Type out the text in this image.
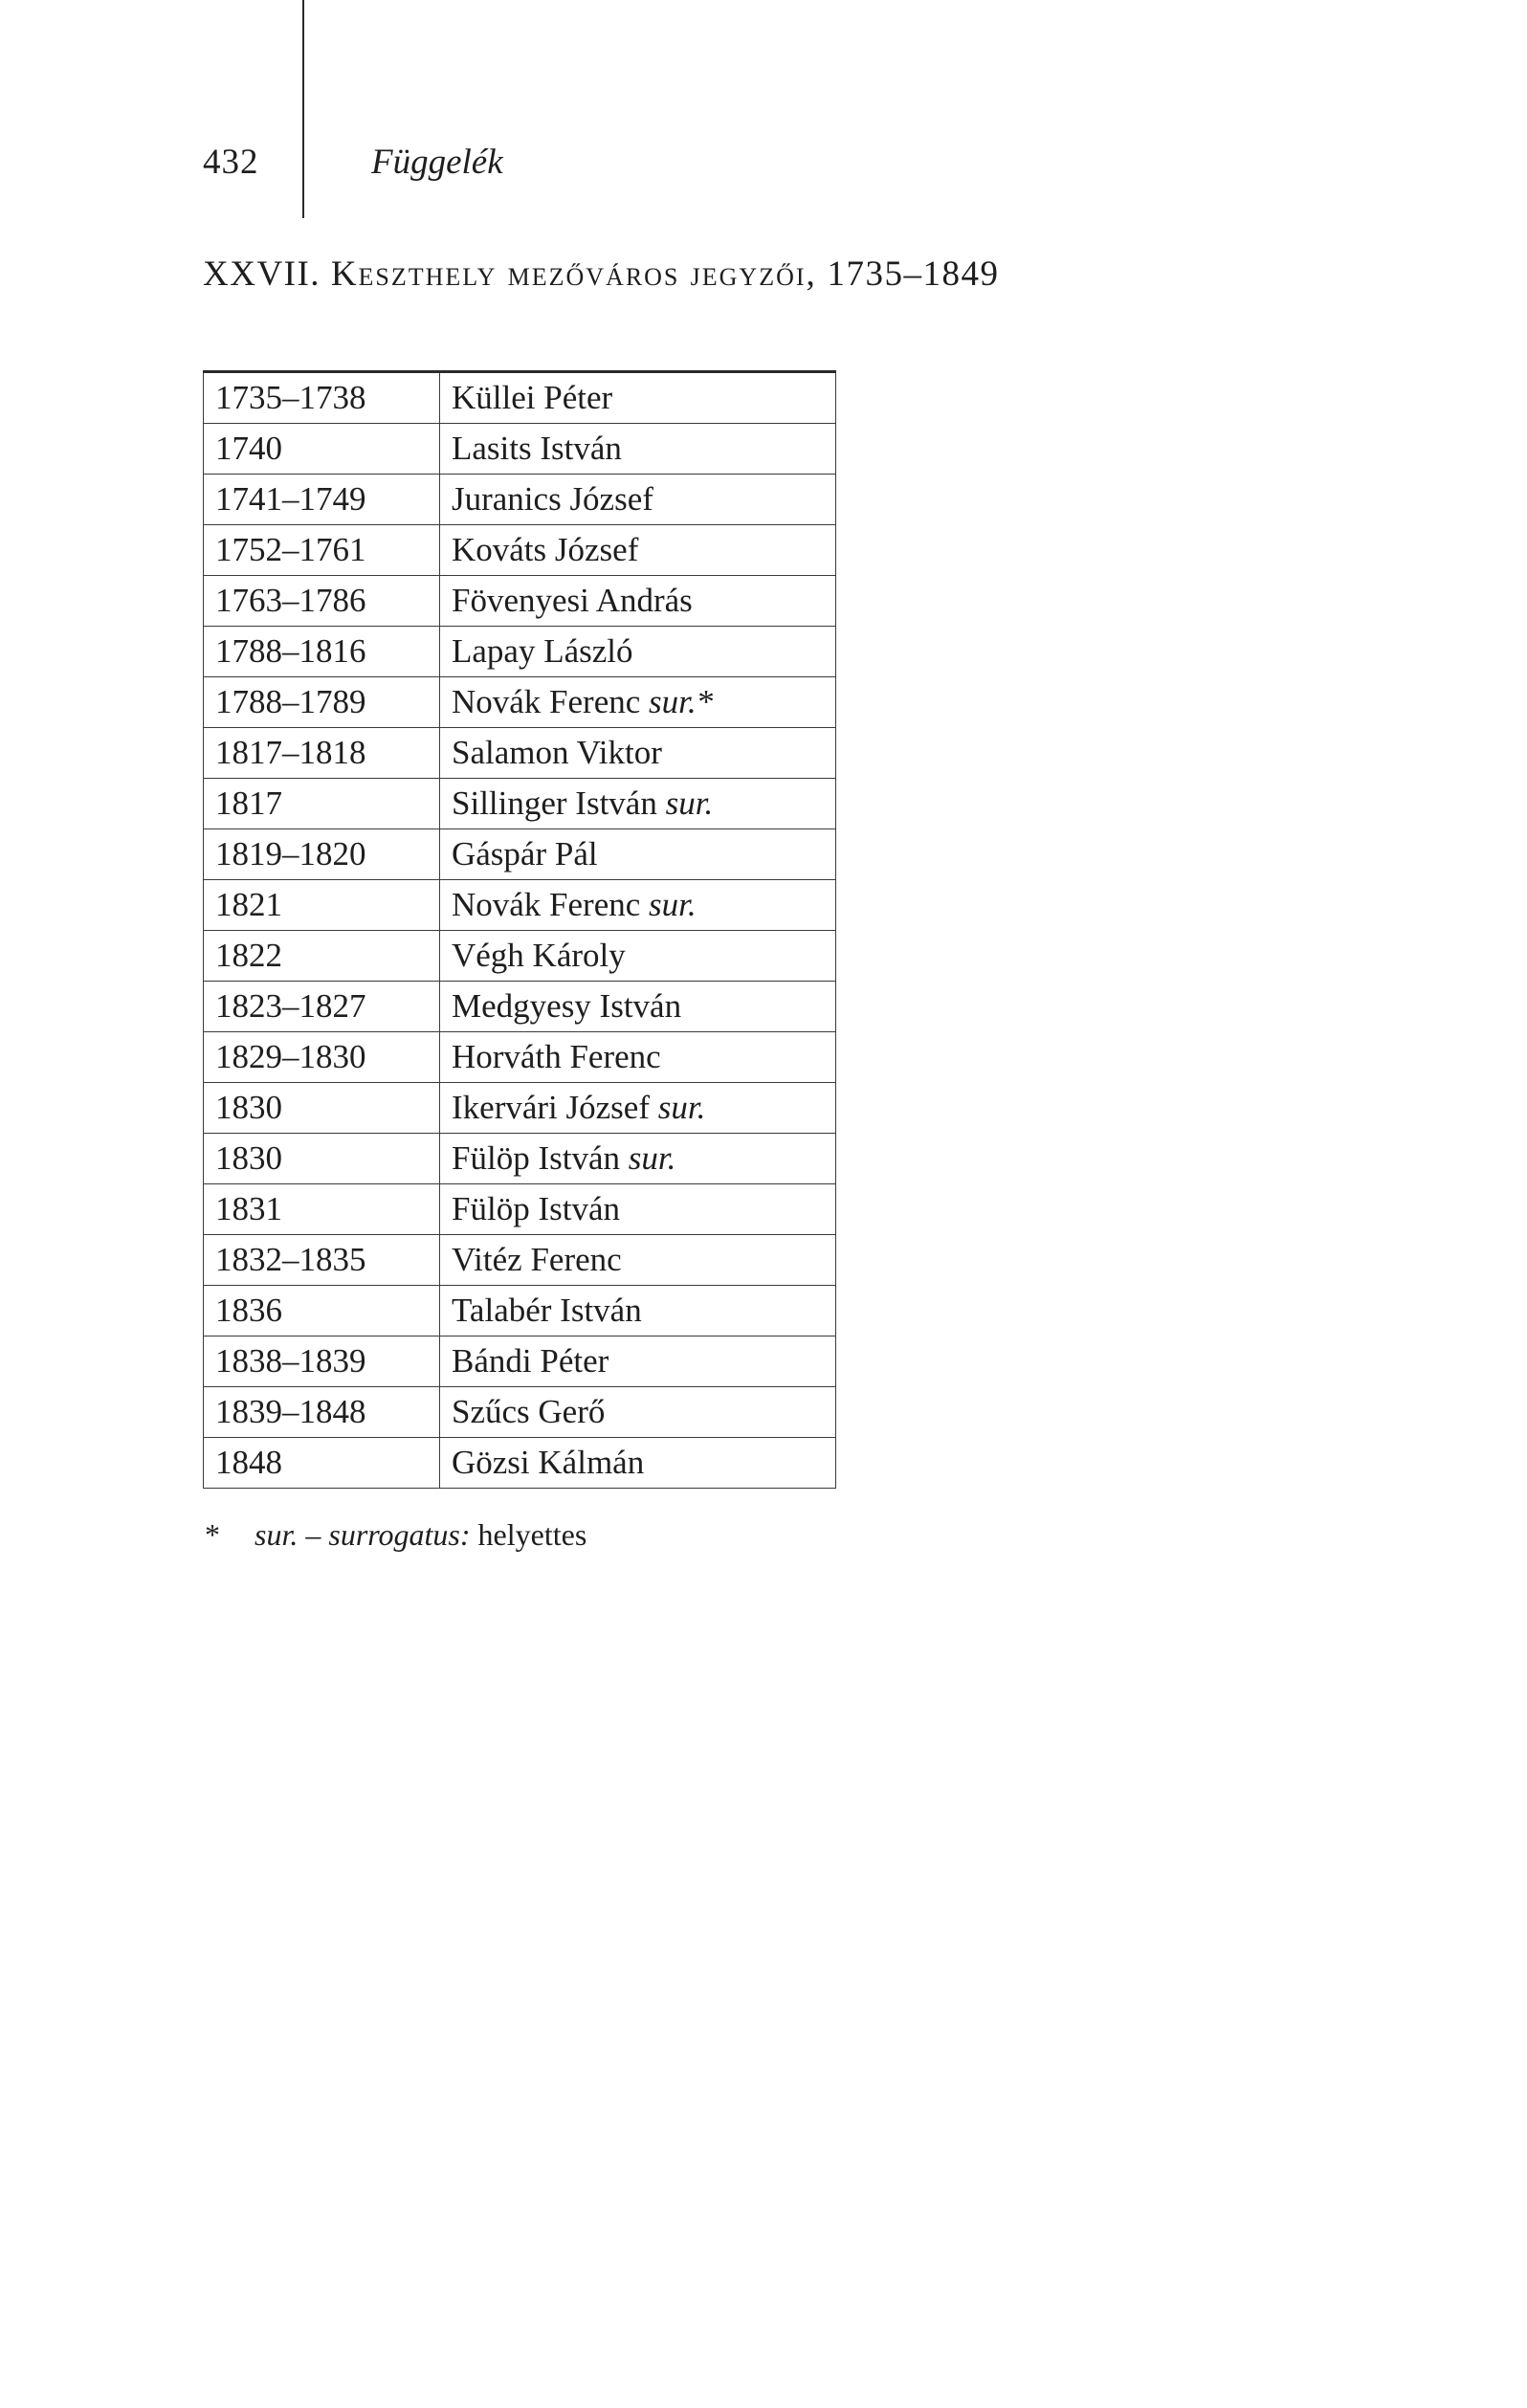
432	Függelék
XXVII. Keszthely mezőváros jegyzői, 1735–1849
1735–1738	Küllei Péter
1740	Lasits István
1741–1749	Juranics József
1752–1761	Kováts József
1763–1786	Fövenyesi András
1788–1816	Lapay László
1788–1789	Novák Ferenc sur.*
1817–1818	Salamon Viktor
1817	Sillinger István sur.
1819–1820	Gáspár Pál
1821	Novák Ferenc sur.
1822	Végh Károly
1823–1827	Medgyesy István
1829–1830	Horváth Ferenc
1830	Ikervári József sur.
1830	Fülöp István sur.
1831	Fülöp István
1832–1835	Vitéz Ferenc
1836	Talabér István
1838–1839	Bándi Péter
1839–1848	Szűcs Gerő
1848	Gözsi Kálmán
* sur. – surrogatus: helyettes
